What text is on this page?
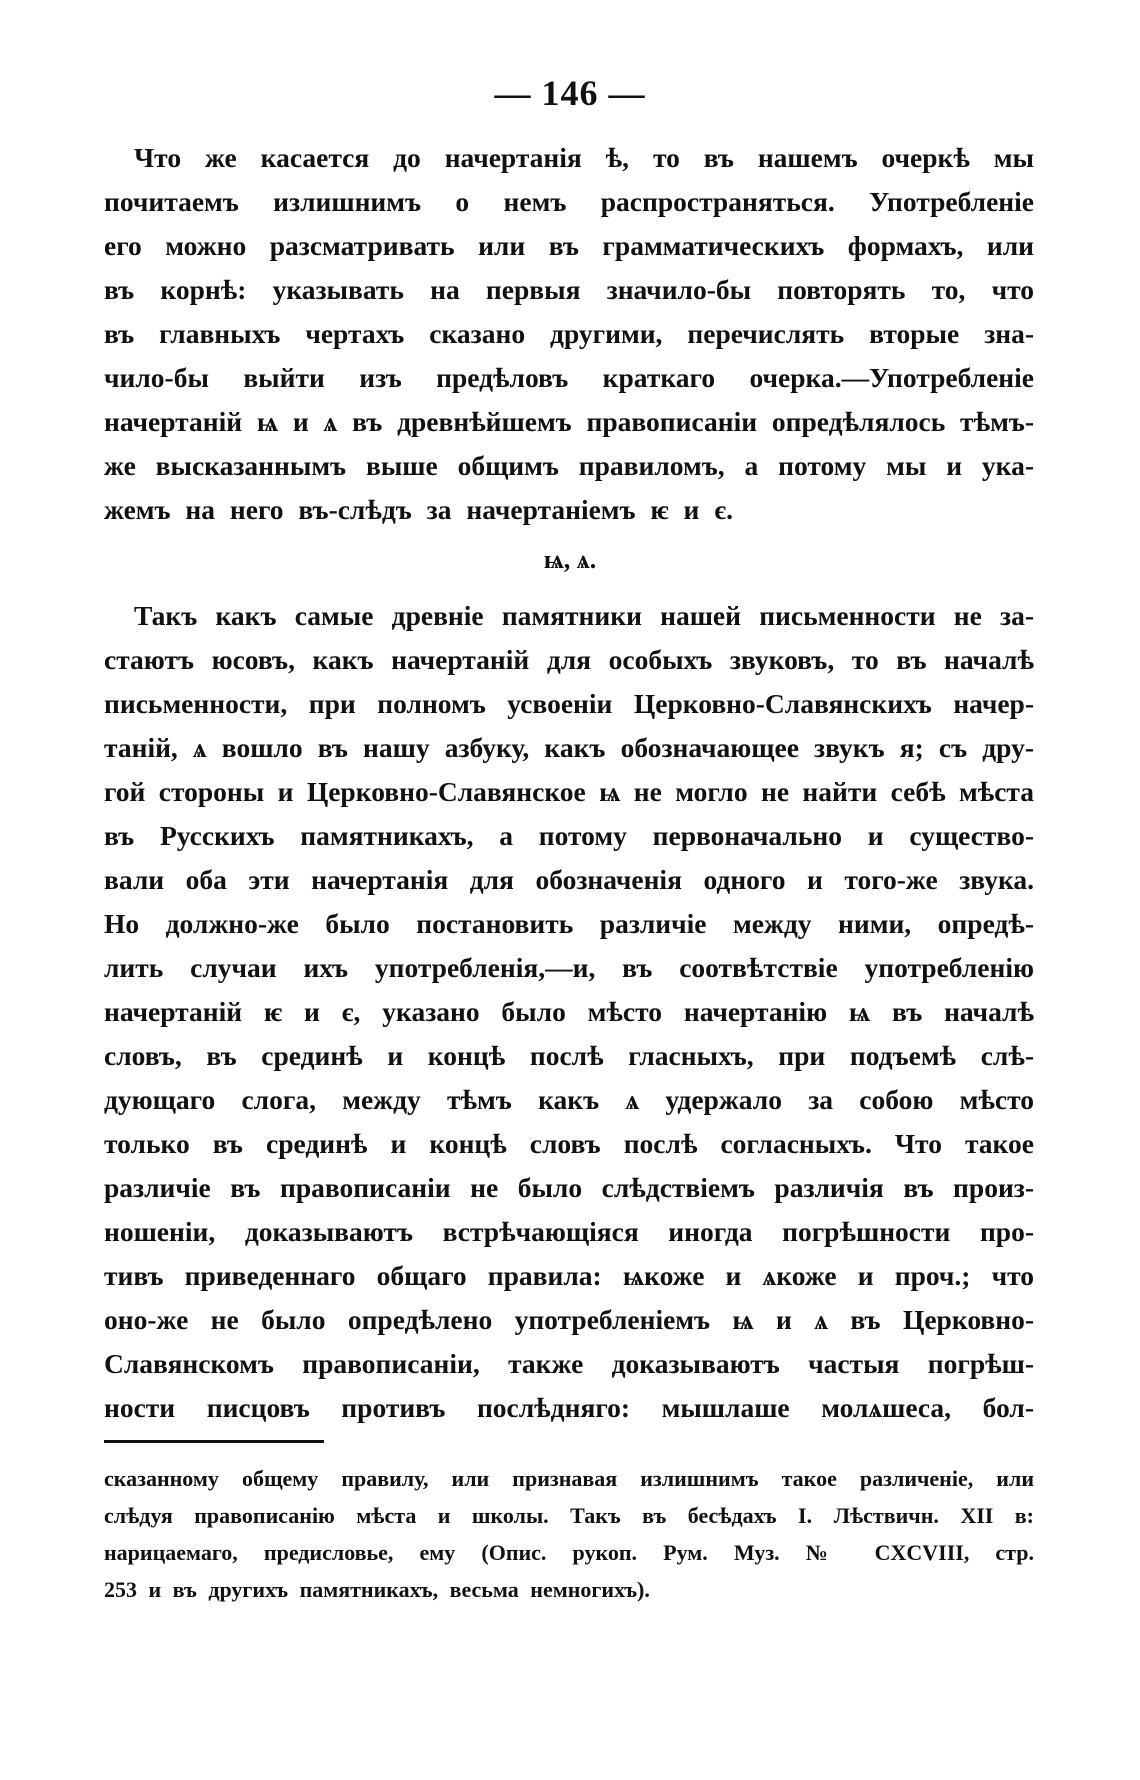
— 146 —
Что же касается до начертанія ѣ, то въ нашемъ очеркѣ мы
почитаемъ излишнимъ о немъ распространяться. Употребленіе
его можно разсматривать или въ грамматическихъ формахъ, или
въ корнѣ: указывать на первыя значило-бы повторять то, что
въ главныхъ чертахъ сказано другими, перечислять вторые зна-
чило-бы выйти изъ предѣловъ краткаго очерка.—Употребленіе
начертаній ѩ и ѧ въ древнѣйшемъ правописаніи опредѣлялось тѣмъ-
же высказаннымъ выше общимъ правиломъ, а потому мы и ука-
жемъ на него въ-слѣдъ за начертаніемъ ѥ и є.
ѩ, ѧ.
Такъ какъ самые древніе памятники нашей письменности не за-
стаютъ юсовъ, какъ начертаній для особыхъ звуковъ, то въ началѣ
письменности, при полномъ усвоеніи Церковно-Славянскихъ начер-
таній, ѧ вошло въ нашу азбуку, какъ обозначающее звукъ я; съ дру-
гой стороны и Церковно-Славянское ѩ не могло не найти себѣ мѣста
въ Русскихъ памятникахъ, а потому первоначально и существо-
вали оба эти начертанія для обозначенія одного и того-же звука.
Но должно-же было постановить различіе между ними, опредѣ-
лить случаи ихъ употребленія,—и, въ соотвѣтствіе употребленію
начертаній ѥ и є, указано было мѣсто начертанію ѩ въ началѣ
словъ, въ срединѣ и концѣ послѣ гласныхъ, при подъемѣ слѣ-
дующаго слога, между тѣмъ какъ ѧ удержало за собою мѣсто
только въ срединѣ и концѣ словъ послѣ согласныхъ. Что такое
различіе въ правописаніи не было слѣдствіемъ различія въ произ-
ношеніи, доказываютъ встрѣчающіяся иногда погрѣшности про-
тивъ приведеннаго общаго правила: ѩкоже и ѧкоже и проч.; что
оно-же не было опредѣлено употребленіемъ ѩ и ѧ въ Церковно-
Славянскомъ правописаніи, также доказываютъ частыя погрѣш-
ности писцовъ противъ послѣдняго: мышлаше молѧшеса, бол-
сказанному общему правилу, или признавая излишнимъ такое различеніе, или
слѣдуя правописанію мѣста и школы. Такъ въ бесѣдахъ І. Лѣствичн. XII в:
нарицаемаго, предисловье, ему (Опис. рукоп. Рум. Муз. № CXCVIII, стр.
253 и въ другихъ памятникахъ, весьма немногихъ).
